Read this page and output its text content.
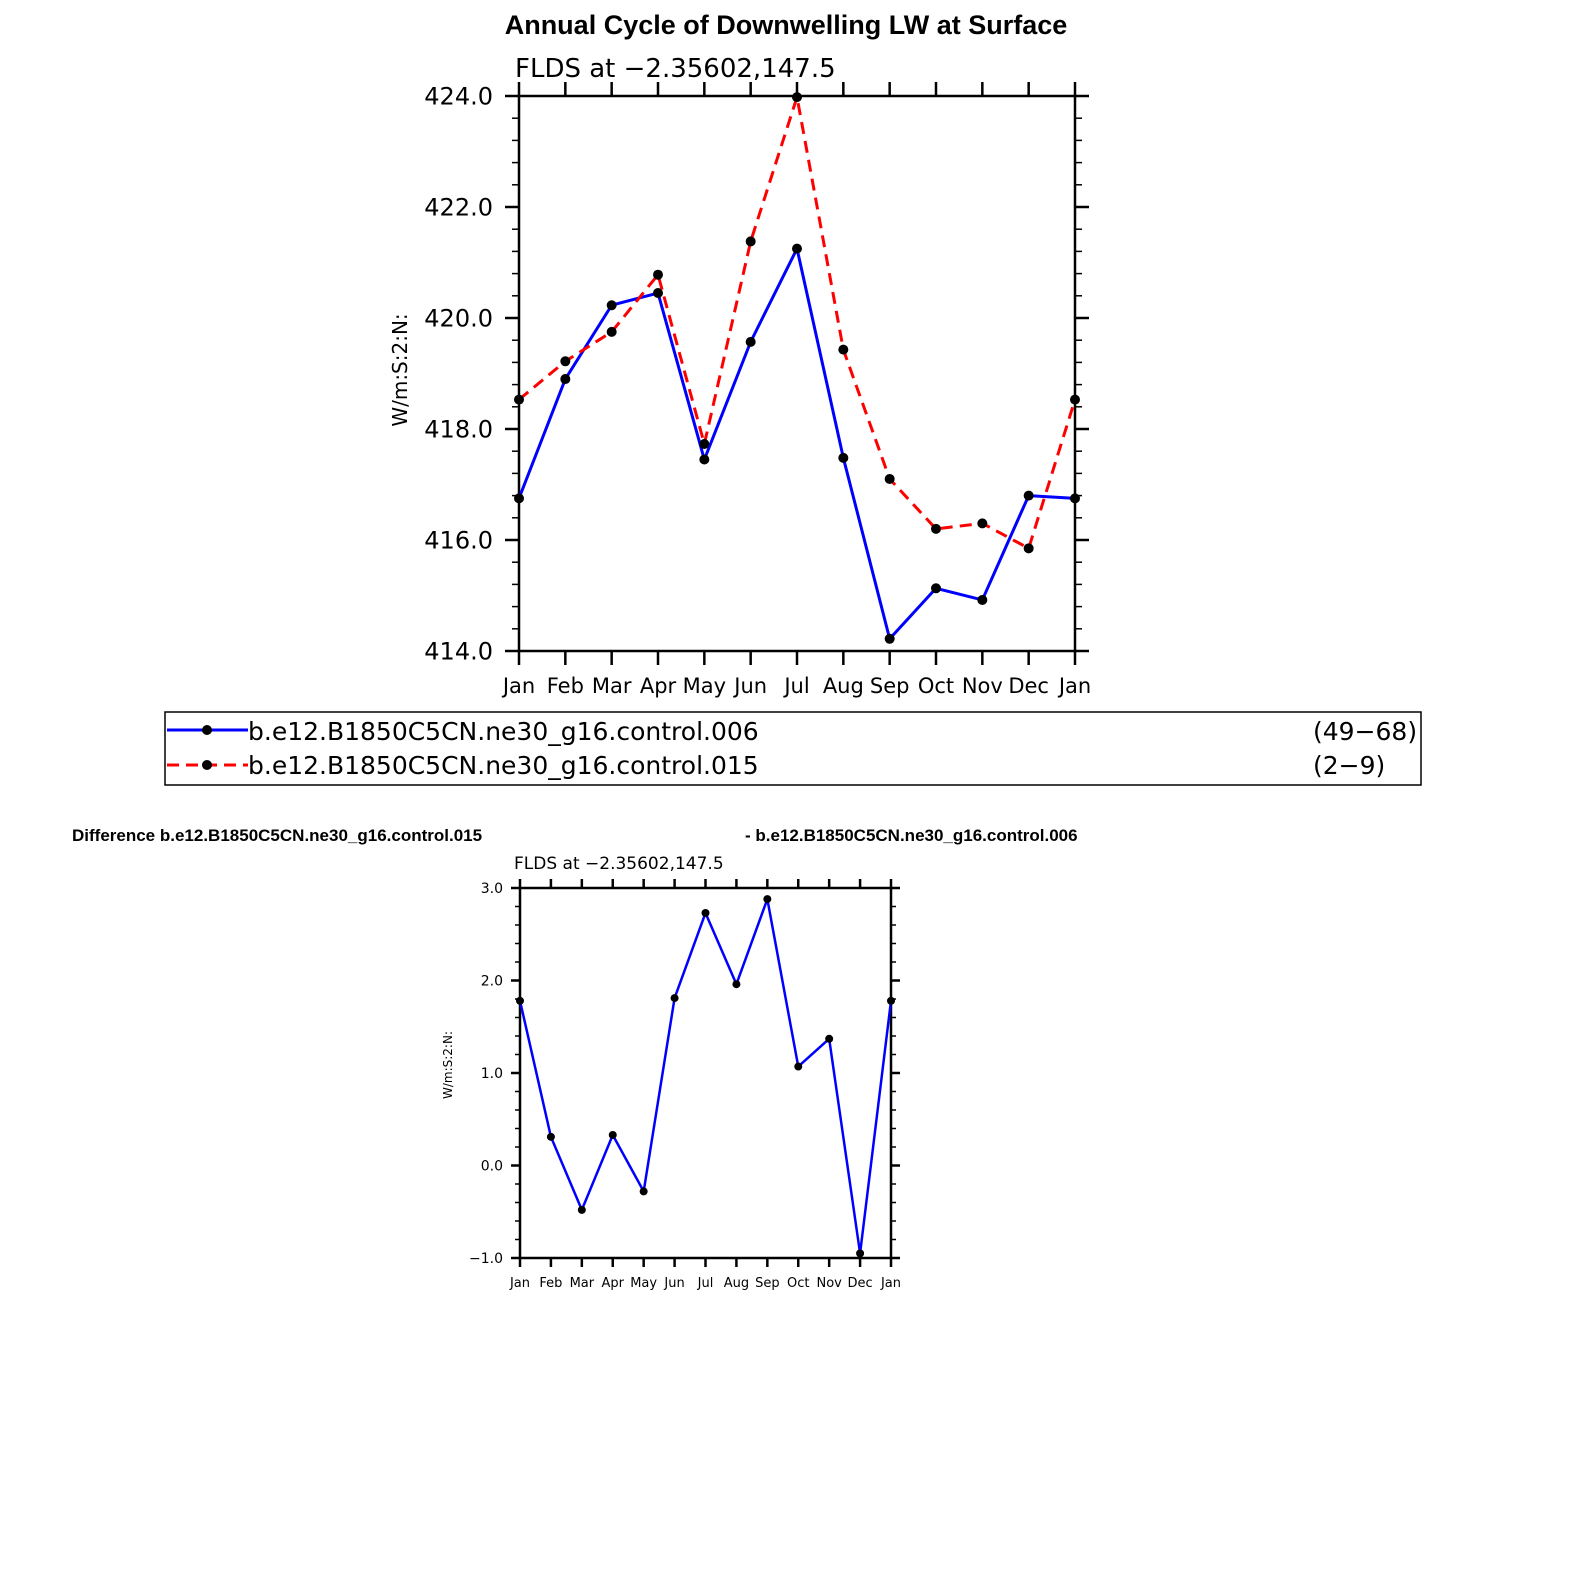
Annual Cycle of Downwelling LW at Surface
FLDS at −2.35602,147.5
W/m:S:2:N:
414.0
416.0
418.0
420.0
422.0
424.0
Jan Feb Mar Apr May Jun Jul Aug Sep Oct Nov Dec Jan
b.e12.B1850C5CN.ne30_g16.control.006	(49−68)
b.e12.B1850C5CN.ne30_g16.control.015	(2−9)
Difference b.e12.B1850C5CN.ne30_g16.control.015	- b.e12.B1850C5CN.ne30_g16.control.006
FLDS at −2.35602,147.5
W/m:S:2:N:
−1.0
0.0
1.0
2.0
3.0
Jan Feb Mar Apr May Jun Jul Aug Sep Oct Nov Dec Jan
